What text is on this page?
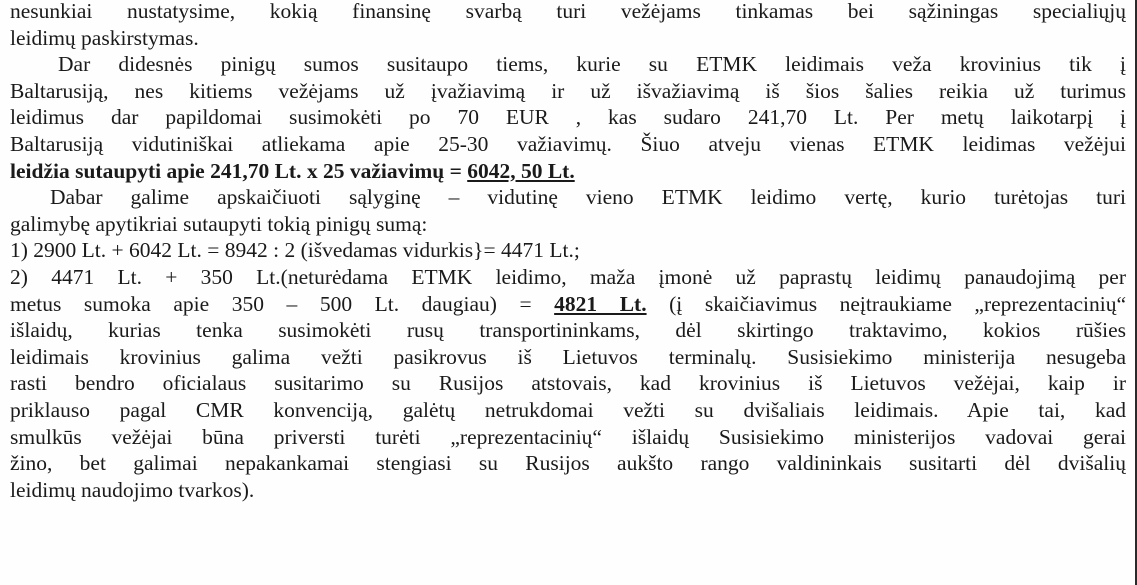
nesunkiai nustatysime, kokią finansinę svarbą turi vežėjams tinkamas bei sąžiningas specialiųjų
leidimų paskirstymas.
Dar didesnės pinigų sumos susitaupo tiems, kurie su ETMK leidimais veža krovinius tik į
Baltarusiją, nes kitiems vežėjams už įvažiavimą ir už išvažiavimą iš šios šalies reikia už turimus
leidimus dar papildomai susimokėti po 70 EUR , kas sudaro 241,70 Lt. Per metų laikotarpį į
Baltarusiją vidutiniškai atliekama apie 25-30 važiavimų. Šiuo atveju vienas ETMK leidimas vežėjui
leidžia sutaupyti apie 241,70 Lt. x 25 važiavimų = 6042, 50 Lt.
Dabar galime apskaičiuoti sąlyginę – vidutinę vieno ETMK leidimo vertę, kurio turėtojas turi
galimybę apytikriai sutaupyti tokią pinigų sumą:
1) 2900 Lt. + 6042 Lt. = 8942 : 2 (išvedamas vidurkis}= 4471 Lt.;
2) 4471 Lt. + 350 Lt.(neturėdama ETMK leidimo, maža įmonė už paprastų leidimų panaudojimą per
metus sumoka apie 350 – 500 Lt. daugiau) = 4821 Lt. (į skaičiavimus neįtraukiame „reprezentacinių“
išlaidų, kurias tenka susimokėti rusų transportininkams, dėl skirtingo traktavimo, kokios rūšies
leidimais krovinius galima vežti pasikrovus iš Lietuvos terminalų. Susisiekimo ministerija nesugeba
rasti bendro oficialaus susitarimo su Rusijos atstovais, kad krovinius iš Lietuvos vežėjai, kaip ir
priklauso pagal CMR konvenciją, galėtų netrukdomai vežti su dvišaliais leidimais. Apie tai, kad
smulkūs vežėjai būna priversti turėti „reprezentacinių“ išlaidų Susisiekimo ministerijos vadovai gerai
žino, bet galimai nepakankamai stengiasi su Rusijos aukšto rango valdininkais susitarti dėl dvišalių
leidimų naudojimo tvarkos).
